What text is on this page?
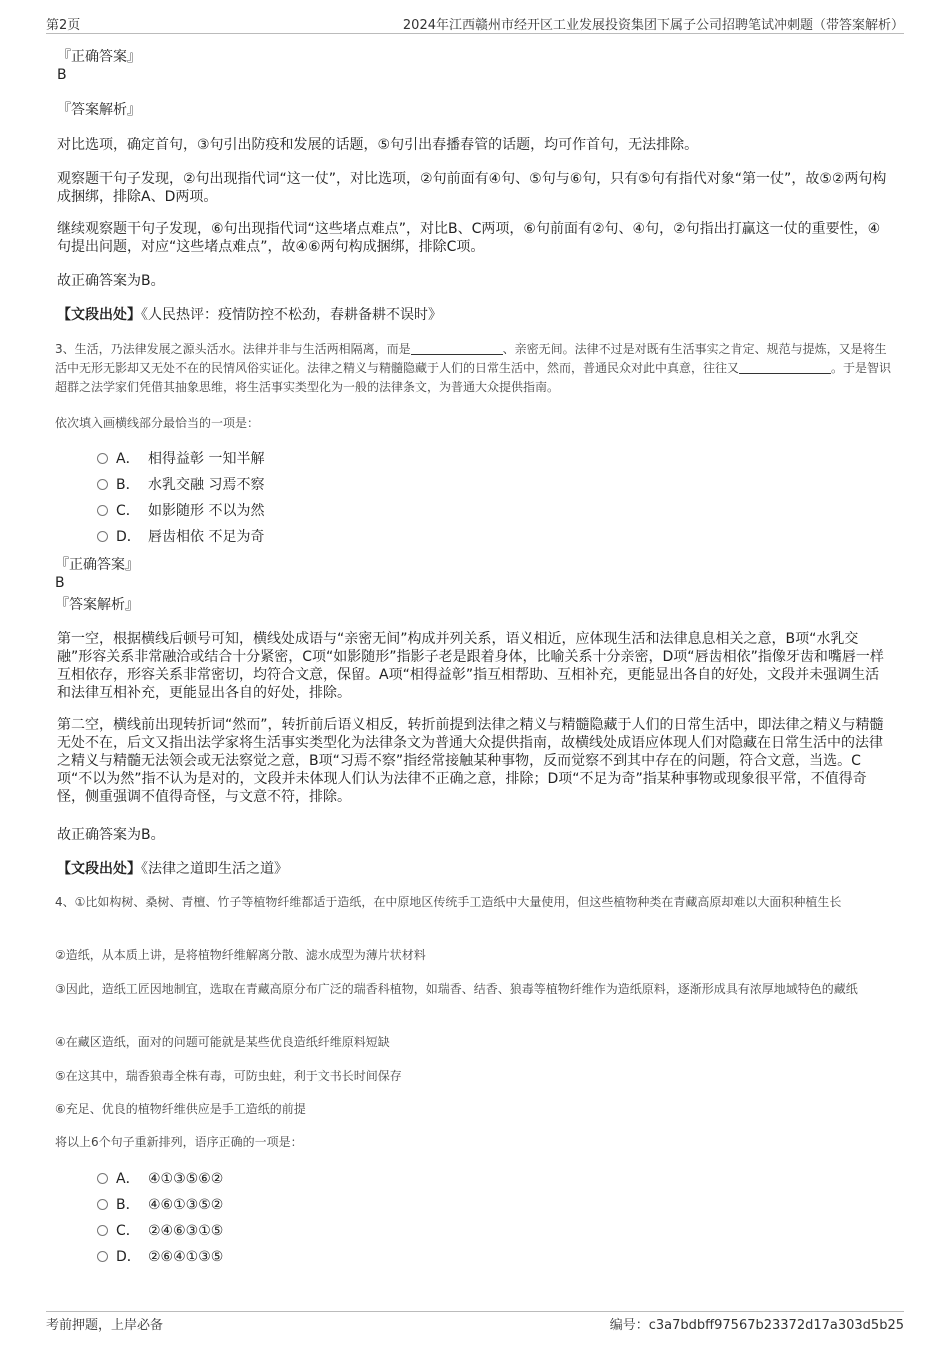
第2页	2024年江西赣州市经开区工业发展投资集团下属子公司招聘笔试冲刺题（带答案解析）
『正确答案』
B
『答案解析』
对比选项，确定首句，③句引出防疫和发展的话题，⑤句引出春播春管的话题，均可作首句，无法排除。
观察题干句子发现，②句出现指代词“这一仗”，对比选项，②句前面有④句、⑤句与⑥句，只有⑤句有指代对象“第一仗”，故⑤②两句构成捆绑，排除A、D两项。
继续观察题干句子发现，⑥句出现指代词“这些堵点难点”，对比B、C两项，⑥句前面有②句、④句，②句指出打赢这一仗的重要性，④句提出问题，对应“这些堵点难点”，故④⑥两句构成捆绑，排除C项。
故正确答案为B。
【文段出处】《人民热评：疫情防控不松劲，春耕备耕不误时》
3、生活，乃法律发展之源头活水。法律并非与生活两相隔离，而是	、亲密无间。法律不过是对既有生活事实之肯定、规范与提炼，又是将生活中无形无影却又无处不在的民情风俗实证化。法律之精义与精髓隐藏于人们的日常生活中，然而，普通民众对此中真意，往往又	。于是智识超群之法学家们凭借其抽象思维，将生活事实类型化为一般的法律条文，为普通大众提供指南。
依次填入画横线部分最恰当的一项是：
A． 相得益彰 一知半解
B． 水乳交融 习焉不察
C． 如影随形 不以为然
D． 唇齿相依 不足为奇
『正确答案』
B
『答案解析』
第一空，根据横线后顿号可知，横线处成语与“亲密无间”构成并列关系，语义相近，应体现生活和法律息息相关之意，B项“水乳交融”形容关系非常融洽或结合十分紧密，C项“如影随形”指影子老是跟着身体，比喻关系十分亲密，D项“唇齿相依”指像牙齿和嘴唇一样互相依存，形容关系非常密切，均符合文意，保留。A项“相得益彰”指互相帮助、互相补充，更能显出各自的好处，文段并未强调生活和法律互相补充，更能显出各自的好处，排除。
第二空，横线前出现转折词“然而”，转折前后语义相反，转折前提到法律之精义与精髓隐藏于人们的日常生活中，即法律之精义与精髓无处不在，后文又指出法学家将生活事实类型化为法律条文为普通大众提供指南，故横线处成语应体现人们对隐藏在日常生活中的法律之精义与精髓无法领会或无法察觉之意，B项“习焉不察”指经常接触某种事物，反而觉察不到其中存在的问题，符合文意，当选。C项“不以为然”指不认为是对的，文段并未体现人们认为法律不正确之意，排除；D项“不足为奇”指某种事物或现象很平常，不值得奇怪，侧重强调不值得奇怪，与文意不符，排除。
故正确答案为B。
【文段出处】《法律之道即生活之道》
4、①比如构树、桑树、青檀、竹子等植物纤维都适于造纸，在中原地区传统手工造纸中大量使用，但这些植物种类在青藏高原却难以大面积种植生长
②造纸，从本质上讲，是将植物纤维解离分散、滤水成型为薄片状材料
③因此，造纸工匠因地制宜，选取在青藏高原分布广泛的瑞香科植物，如瑞香、结香、狼毒等植物纤维作为造纸原料，逐渐形成具有浓厚地域特色的藏纸
④在藏区造纸，面对的问题可能就是某些优良造纸纤维原料短缺
⑤在这其中，瑞香狼毒全株有毒，可防虫蛀，利于文书长时间保存
⑥充足、优良的植物纤维供应是手工造纸的前提
将以上6个句子重新排列，语序正确的一项是：
A． ④①③⑤⑥②
B． ④⑥①③⑤②
C． ②④⑥③①⑤
D． ②⑥④①③⑤
考前押题，上岸必备	编号：c3a7bdbff97567b23372d17a303d5b25
